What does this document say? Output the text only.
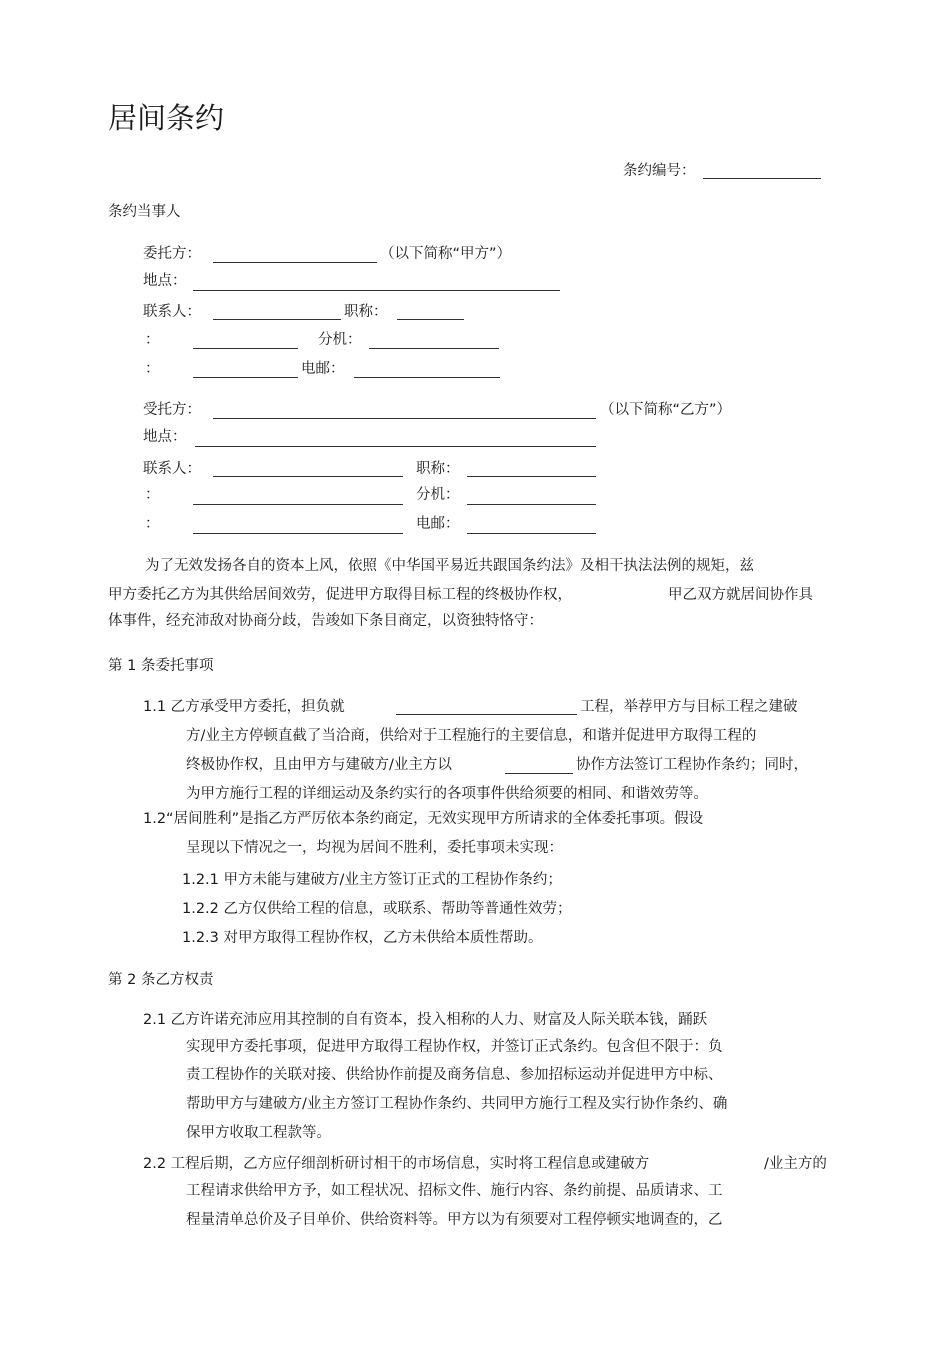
居间条约
条约编号：
条约当事人
委托方：	（以下简称“甲方”）
地点：
联系人：	职称：
：	分机：
：	电邮：
受托方：	（以下简称“乙方”）
地点：
联系人：	职称：
：	分机：
：	电邮：
为了无效发扬各自的资本上风，依照《中华国平易近共跟国条约法》及相干执法法例的规矩，兹
甲方委托乙方为其供给居间效劳，促进甲方取得目标工程的终极协作权，	甲乙双方就居间协作具
体事件，经充沛敌对协商分歧，告竣如下条目商定，以资独特恪守：
第 1 条委托事项
1.1 乙方承受甲方委托，担负就	工程，举荐甲方与目标工程之建破
方/业主方停顿直截了当洽商，供给对于工程施行的主要信息，和谐并促进甲方取得工程的
终极协作权，且由甲方与建破方/业主方以	协作方法签订工程协作条约；同时，
为甲方施行工程的详细运动及条约实行的各项事件供给须要的相同、和谐效劳等。
1.2“居间胜利”是指乙方严厉依本条约商定，无效实现甲方所请求的全体委托事项。假设
呈现以下情况之一，均视为居间不胜利，委托事项未实现：
1.2.1 甲方未能与建破方/业主方签订正式的工程协作条约；
1.2.2 乙方仅供给工程的信息，或联系、帮助等普通性效劳；
1.2.3 对甲方取得工程协作权，乙方未供给本质性帮助。
第 2 条乙方权责
2.1 乙方许诺充沛应用其控制的自有资本，投入相称的人力、财富及人际关联本钱，踊跃
实现甲方委托事项，促进甲方取得工程协作权，并签订正式条约。包含但不限于：负
责工程协作的关联对接、供给协作前提及商务信息、参加招标运动并促进甲方中标、
帮助甲方与建破方/业主方签订工程协作条约、共同甲方施行工程及实行协作条约、确
保甲方收取工程款等。
2.2 工程后期，乙方应仔细剖析研讨相干的市场信息，实时将工程信息或建破方	/业主方的
工程请求供给甲方予，如工程状况、招标文件、施行内容、条约前提、品质请求、工
程量清单总价及子目单价、供给资料等。甲方以为有须要对工程停顿实地调查的，乙
